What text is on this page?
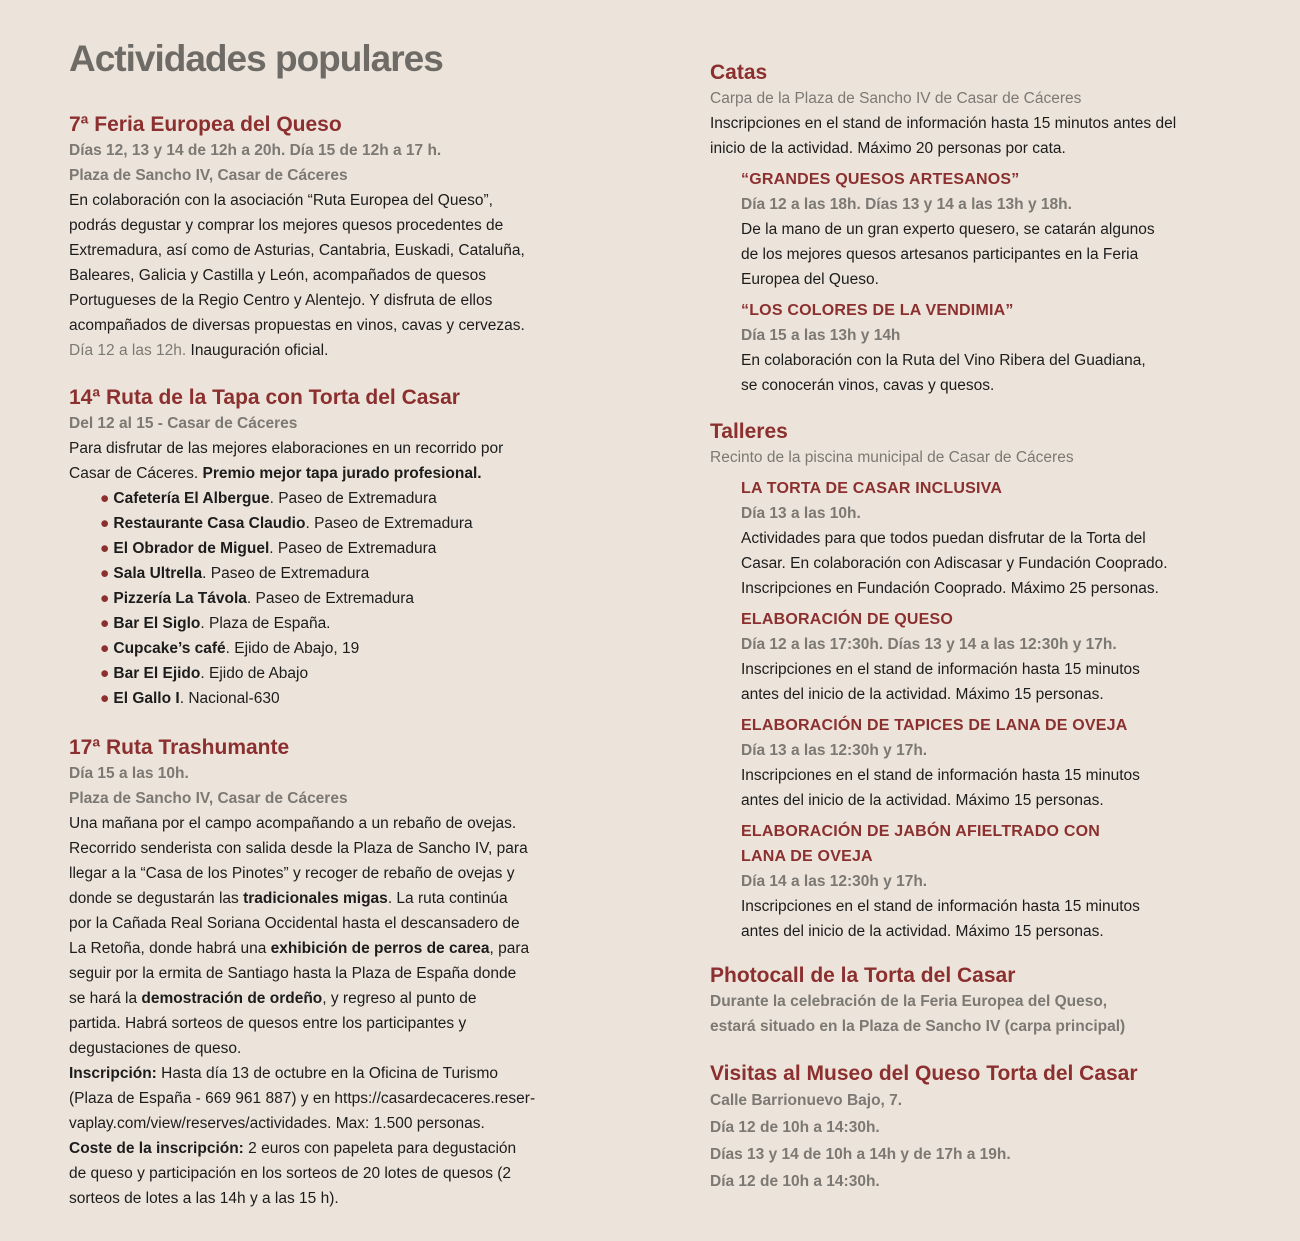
Actividades populares

7ª Feria Europea del Queso

Días 12, 13 y 14 de 12h a 20h. Día 15 de 12h a 17 h.

Plaza de Sancho IV, Casar de Cáceres

En colaboración con la asociación “Ruta Europea del Queso”,

podrás degustar y comprar los mejores quesos procedentes de

Extremadura, así como de Asturias, Cantabria, Euskadi, Cataluña,

Baleares, Galicia y Castilla y León, acompañados de quesos

Portugueses de la Regio Centro y Alentejo. Y disfruta de ellos

acompañados de diversas propuestas en vinos, cavas y cervezas.

Día 12 a las 12h. Inauguración oficial.

14ª Ruta de la Tapa con Torta del Casar

Del 12 al 15 - Casar de Cáceres

Para disfrutar de las mejores elaboraciones en un recorrido por

Casar de Cáceres. Premio mejor tapa jurado profesional.

● Cafetería El Albergue. Paseo de Extremadura
● Restaurante Casa Claudio. Paseo de Extremadura
● El Obrador de Miguel. Paseo de Extremadura
● Sala Ultrella. Paseo de Extremadura
● Pizzería La Távola. Paseo de Extremadura
● Bar El Siglo. Plaza de España.
● Cupcake’s café. Ejido de Abajo, 19
● Bar El Ejido. Ejido de Abajo
● El Gallo I. Nacional-630

17ª Ruta Trashumante

Día 15 a las 10h.

Plaza de Sancho IV, Casar de Cáceres

Una mañana por el campo acompañando a un rebaño de ovejas.

Recorrido senderista con salida desde la Plaza de Sancho IV, para

llegar a la “Casa de los Pinotes” y recoger de rebaño de ovejas y

donde se degustarán las tradicionales migas. La ruta continúa

por la Cañada Real Soriana Occidental hasta el descansadero de

La Retoña, donde habrá una exhibición de perros de carea, para

seguir por la ermita de Santiago hasta la Plaza de España donde

se hará la demostración de ordeño, y regreso al punto de

partida. Habrá sorteos de quesos entre los participantes y

degustaciones de queso.

Inscripción: Hasta día 13 de octubre en la Oficina de Turismo

(Plaza de España - 669 961 887) y en https://casardecaceres.reser-

vaplay.com/view/reserves/actividades. Max: 1.500 personas.

Coste de la inscripción: 2 euros con papeleta para degustación

de queso y participación en los sorteos de 20 lotes de quesos (2

sorteos de lotes a las 14h y a las 15 h).

Catas

Carpa de la Plaza de Sancho IV de Casar de Cáceres

Inscripciones en el stand de información hasta 15 minutos antes del

inicio de la actividad. Máximo 20 personas por cata.

“GRANDES QUESOS ARTESANOS”

Día 12 a las 18h. Días 13 y 14 a las 13h y 18h.

De la mano de un gran experto quesero, se catarán algunos

de los mejores quesos artesanos participantes en la Feria

Europea del Queso.

“LOS COLORES DE LA VENDIMIA”

Día 15 a las 13h y 14h

En colaboración con la Ruta del Vino Ribera del Guadiana,

se conocerán vinos, cavas y quesos.

Talleres

Recinto de la piscina municipal de Casar de Cáceres

LA TORTA DE CASAR INCLUSIVA

Día 13 a las 10h.

Actividades para que todos puedan disfrutar de la Torta del

Casar. En colaboración con Adiscasar y Fundación Cooprado.

Inscripciones en Fundación Cooprado. Máximo 25 personas.

ELABORACIÓN DE QUESO

Día 12 a las 17:30h. Días 13 y 14 a las 12:30h y 17h.

Inscripciones en el stand de información hasta 15 minutos

antes del inicio de la actividad. Máximo 15 personas.

ELABORACIÓN DE TAPICES DE LANA DE OVEJA

Día 13 a las 12:30h y 17h.

Inscripciones en el stand de información hasta 15 minutos

antes del inicio de la actividad. Máximo 15 personas.

ELABORACIÓN DE JABÓN AFIELTRADO CON

LANA DE OVEJA

Día 14 a las 12:30h y 17h.

Inscripciones en el stand de información hasta 15 minutos

antes del inicio de la actividad. Máximo 15 personas.

Photocall de la Torta del Casar

Durante la celebración de la Feria Europea del Queso,

estará situado en la Plaza de Sancho IV (carpa principal)

Visitas al Museo del Queso Torta del Casar

Calle Barrionuevo Bajo, 7.

Día 12 de 10h a 14:30h.

Días 13 y 14 de 10h a 14h y de 17h a 19h.

Día 12 de 10h a 14:30h.
